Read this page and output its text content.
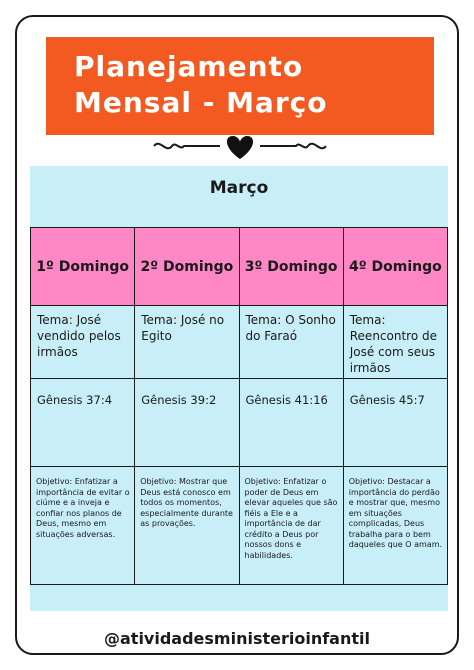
Planejamento
Mensal - Março
Março
1º Domingo	2º Domingo	3º Domingo	4º Domingo
Tema: José vendido pelos irmãos	Tema: José no Egito	Tema: O Sonho do Faraó	Tema: Reencontro de José com seus irmãos
Gênesis 37:4	Gênesis 39:2	Gênesis 41:16	Gênesis 45:7
Objetivo: Enfatizar a importância de evitar o ciúme e a inveja e confiar nos planos de Deus, mesmo em situações adversas.	Objetivo: Mostrar que Deus está conosco em todos os momentos, especialmente durante as provações.	Objetivo: Enfatizar o poder de Deus em elevar aqueles que são fiéis a Ele e a importância de dar crédito a Deus por nossos dons e habilidades.	Objetivo: Destacar a importância do perdão e mostrar que, mesmo em situações complicadas, Deus trabalha para o bem daqueles que O amam.
@atividadesministerioinfantil
